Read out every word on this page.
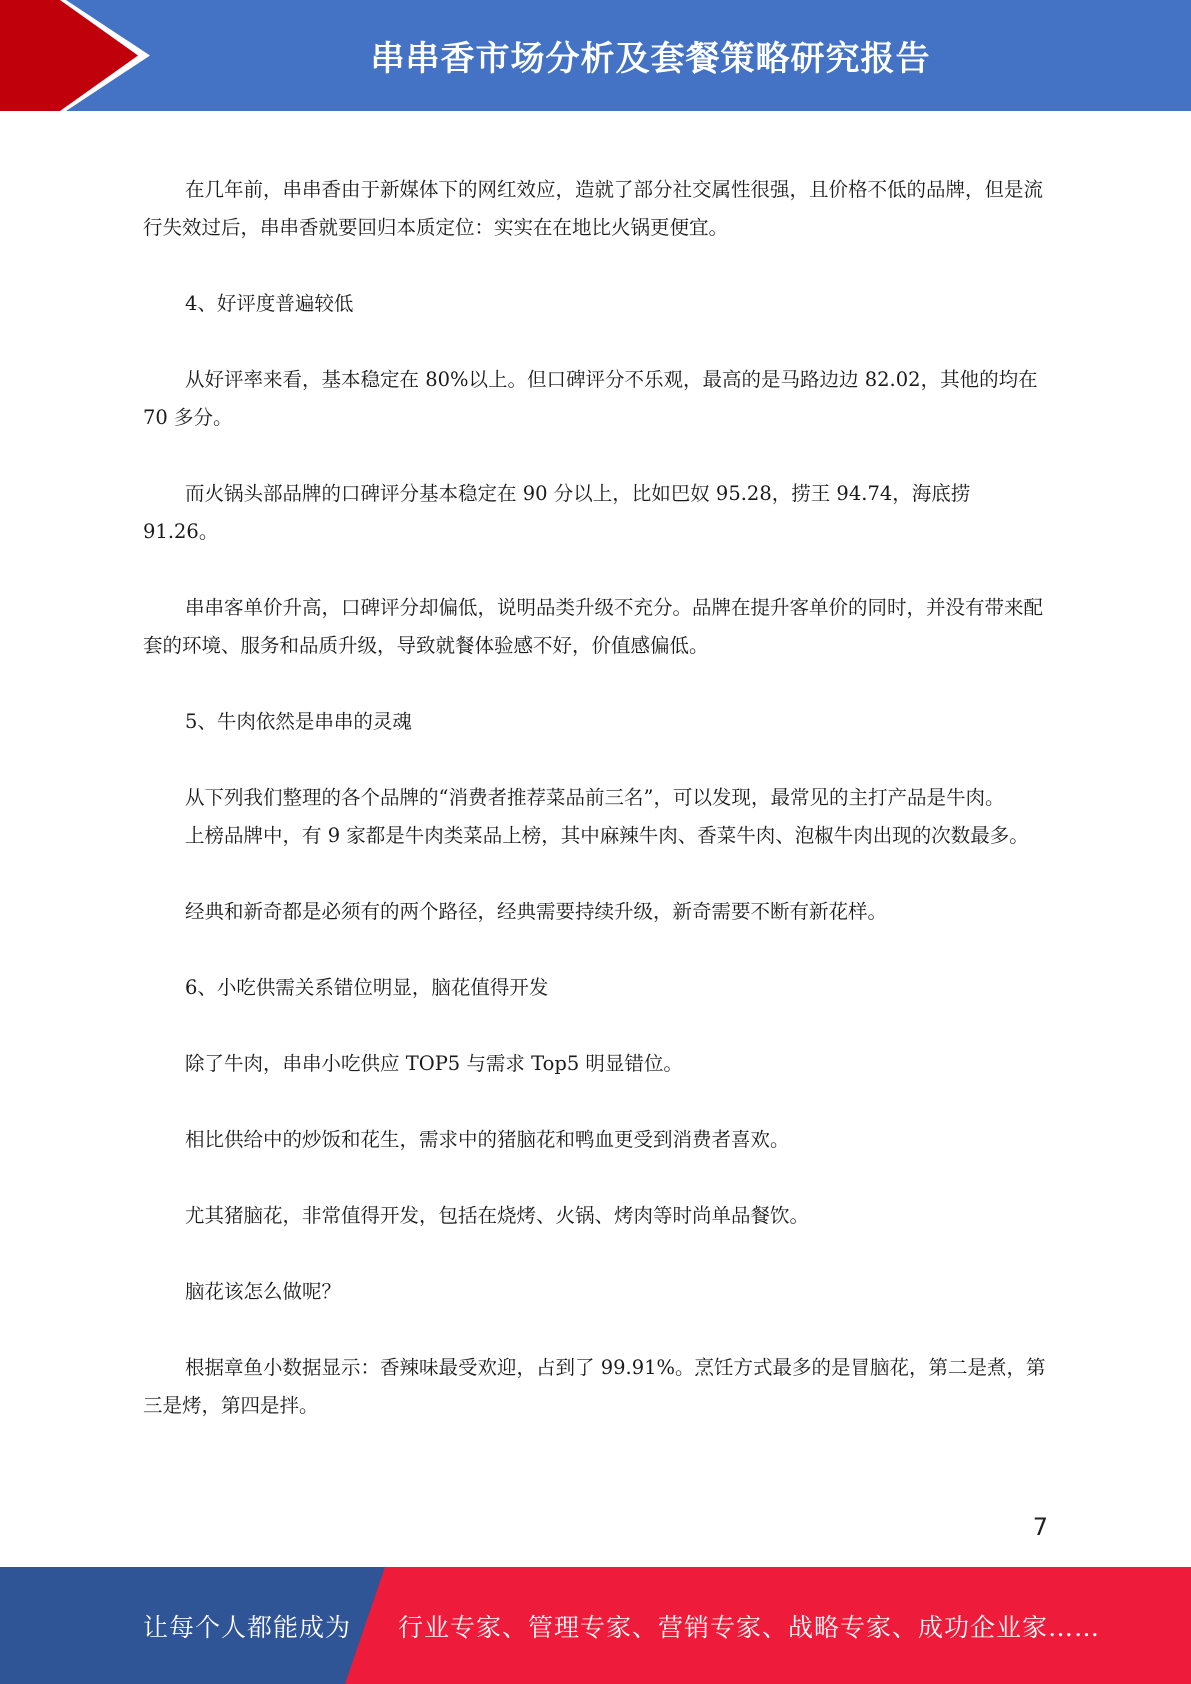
串串香市场分析及套餐策略研究报告

在几年前，串串香由于新媒体下的网红效应，造就了部分社交属性很强，且价格不低的品牌，但是流行失效过后，串串香就要回归本质定位：实实在在地比火锅更便宜。

4、好评度普遍较低

从好评率来看，基本稳定在 80%以上。但口碑评分不乐观，最高的是马路边边 82.02，其他的均在 70 多分。

而火锅头部品牌的口碑评分基本稳定在 90 分以上，比如巴奴 95.28，捞王 94.74，海底捞 91.26。

串串客单价升高，口碑评分却偏低，说明品类升级不充分。品牌在提升客单价的同时，并没有带来配套的环境、服务和品质升级，导致就餐体验感不好，价值感偏低。

5、牛肉依然是串串的灵魂

从下列我们整理的各个品牌的“消费者推荐菜品前三名”，可以发现，最常见的主打产品是牛肉。

上榜品牌中，有 9 家都是牛肉类菜品上榜，其中麻辣牛肉、香菜牛肉、泡椒牛肉出现的次数最多。

经典和新奇都是必须有的两个路径，经典需要持续升级，新奇需要不断有新花样。

6、小吃供需关系错位明显，脑花值得开发

除了牛肉，串串小吃供应 TOP5 与需求 Top5 明显错位。

相比供给中的炒饭和花生，需求中的猪脑花和鸭血更受到消费者喜欢。

尤其猪脑花，非常值得开发，包括在烧烤、火锅、烤肉等时尚单品餐饮。

脑花该怎么做呢？

根据章鱼小数据显示：香辣味最受欢迎，占到了 99.91%。烹饪方式最多的是冒脑花，第二是煮，第三是烤，第四是拌。

7
让每个人都能成为 行业专家、管理专家、营销专家、战略专家、成功企业家……
